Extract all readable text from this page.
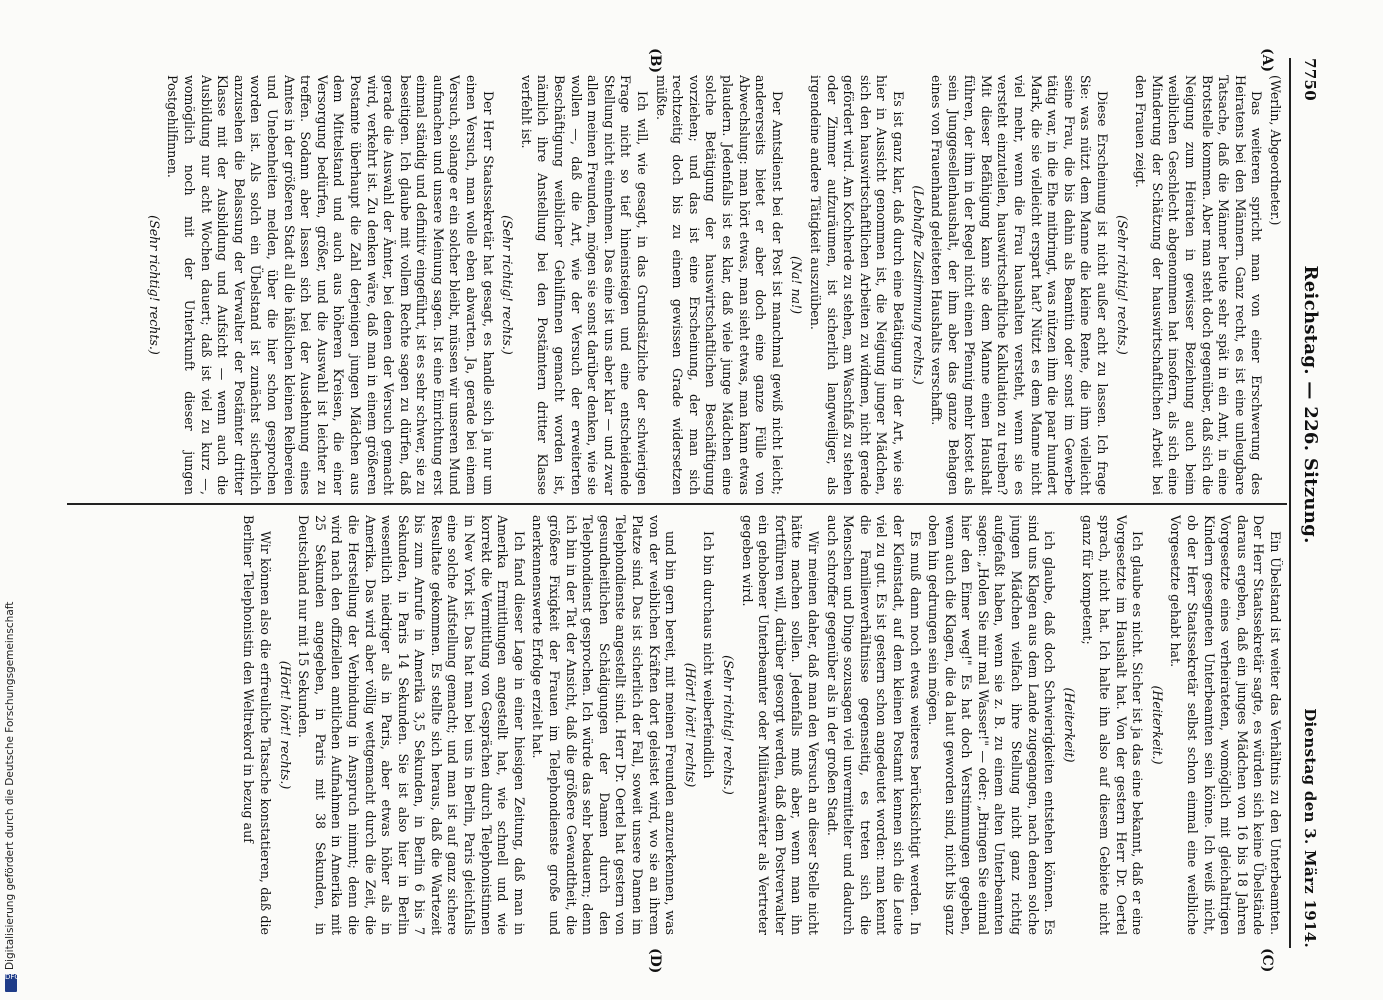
7750
Reichstag. — 226. Sitzung.
Dienstag den 3. März 1914.
(A)
(B)
(C)
(D)

(Werlin, Abgeordneter.)

Das weiteren spricht man von einer Erschwerung des Heiratens bei den Männern. Ganz recht, es ist eine unleugbare Tatsache, daß die Männer heute sehr spät in ein Amt, in eine Brotstelle kommen. Aber man steht doch gegenüber, daß sich die Neigung zum Heiraten in gewisser Beziehung auch beim weiblichen Geschlecht abgenommen hat insofern, als sich eine Minderung der Schätzung der hauswirtschaftlichen Arbeit bei den Frauen zeigt.

(Sehr richtig! rechts.)

Diese Erscheinung ist nicht außer acht zu lassen. Ich frage Sie: was nützt dem Manne die kleine Rente, die ihm vielleicht seine Frau, die bis dahin als Beamtin oder sonst im Gewerbe tätig war, in die Ehe mitbringt, was nützen ihm die paar hundert Mark, die sie vielleicht erspart hat? Nützt es dem Manne nicht viel mehr, wenn die Frau haushalten versteht, wenn sie es versteht einzuteilen, hauswirtschaftliche Kalkulation zu treiben? Mit dieser Befähigung kann sie dem Manne einen Haushalt führen, der ihm in der Regel nicht einen Pfennig mehr kostet als sein Junggesellenhaushalt, der ihm aber das ganze Behagen eines von Frauenhand geleiteten Haushalts verschafft.

(Lebhafte Zustimmung rechts.)

Es ist ganz klar, daß durch eine Betätigung in der Art, wie sie hier in Aussicht genommen ist, die Neigung junger Mädchen, sich den hauswirtschaftlichen Arbeiten zu widmen, nicht gerade gefördert wird. Am Kochherde zu stehen, am Waschfaß zu stehen oder Zimmer aufzuräumen, ist sicherlich langweiliger, als irgendeine andere Tätigkeit auszuüben.

(Na! na!)

Der Amtsdienst bei der Post ist manchmal gewiß nicht leicht; andererseits bietet er aber doch eine ganze Fülle von Abwechslung: man hört etwas, man sieht etwas, man kann etwas plaudern. Jedenfalls ist es klar, daß viele junge Mädchen eine solche Betätigung der hauswirtschaftlichen Beschäftigung vorziehen; und das ist eine Erscheinung, der man sich rechtzeitig doch bis zu einem gewissen Grade widersetzen müßte.

Ich will, wie gesagt, in das Grundsätzliche der schwierigen Frage nicht so tief hineinsteigen und eine entscheidende Stellung nicht einnehmen. Das eine ist uns aber klar — und zwar allen meinen Freunden, mögen sie sonst darüber denken, wie sie wollen —, daß die Art, wie der Versuch der erweiterten Beschäftigung weiblicher Gehilfinnen gemacht worden ist, nämlich ihre Anstellung bei den Postämtern dritter Klasse verfehlt ist.

(Sehr richtig! rechts.)

Der Herr Staatssekretär hat gesagt, es handle sich ja nur um einen Versuch, man wolle eben abwarten. Ja, gerade bei einem Versuch, solange er ein solcher bleibt, müssen wir unseren Mund aufmachen und unsere Meinung sagen. Ist eine Einrichtung erst einmal ständig und definitiv eingeführt, ist es sehr schwer, sie zu beseitigen. Ich glaube mit vollem Rechte sagen zu dürfen, daß gerade die Auswahl der Ämter, bei denen der Versuch gemacht wird, verkehrt ist. Zu denken wäre, daß man in einem größeren Postamte überhaupt die Zahl derjenigen jungen Mädchen aus dem Mittelstand und auch aus höheren Kreisen, die einer Versorgung bedürfen, größer, und die Auswahl ist leichter zu treffen. Sodann aber lassen sich bei der Ausdehnung eines Amtes in der größeren Stadt all die häßlichen kleinen Reibereien und Unebenheiten melden, über die hier schon gesprochen worden ist. Als solch ein Übelstand ist zunächst sicherlich anzusehen die Belassung der Verwalter der Postämter dritter Klasse mit der Ausbildung und Aufsicht — wenn auch die Ausbildung nur acht Wochen dauert; daß ist viel zu kurz —, womöglich noch mit der Unterkunft dieser jungen Postgehilfinnen.

(Sehr richtig! rechts.)

Ein Übelstand ist weiter das Verhältnis zu den Unterbeamten. Der Herr Staatssekretär sagte, es würden sich keine Übelstände daraus ergeben, daß ein junges Mädchen von 16 bis 18 Jahren Vorgesetzte eines verheirateten, womöglich mit gleichaltrigen Kindern gesegneten Unterbeamten sein könne. Ich weiß nicht, ob der Herr Staatssekretär selbst schon einmal eine weibliche Vorgesetzte gehabt hat.

(Heiterkeit.)

Ich glaube es nicht. Sicher ist ja das eine bekannt, daß er eine Vorgesetzte im Haushalt hat. Von der gestern Herr Dr. Oertel sprach, nicht hat. Ich halte ihn also auf diesem Gebiete nicht ganz für kompetent;

(Heiterkeit)

ich glaube, daß doch Schwierigkeiten entstehen können. Es sind uns Klagen aus dem Lande zugegangen, nach denen solche jungen Mädchen vielfach ihre Stellung nicht ganz richtig aufgefaßt haben, wenn sie z. B. zu einem alten Unterbeamten sagen: „Holen Sie mir mal Wasser!" — oder: „Bringen Sie einmal hier den Eimer weg!" Es hat doch Verstimmungen gegeben, wenn auch die Klagen, die da laut geworden sind, nicht bis ganz oben hin gedrungen sein mögen.

Es muß dann noch etwas weiteres berücksichtigt werden. In der Kleinstadt, auf dem kleinen Postamt kennen sich die Leute viel zu gut. Es ist gestern schon angedeutet worden: man kennt die Familienverhältnisse gegenseitig, es treten sich die Menschen und Dinge sozusagen viel unvermittelter und dadurch auch schroffer gegenüber als in der großen Stadt.

Wir meinen daher, daß man den Versuch an dieser Stelle nicht hätte machen sollen. Jedenfalls muß aber, wenn man ihn fortführen will, darüber gesorgt werden, daß dem Postverwalter ein gehobener Unterbeamter oder Militäranwärter als Vertreter gegeben wird.

(Sehr richtig! rechts.)

Ich bin durchaus nicht weiberfeindlich

(Hört! hört! rechts)

und bin gern bereit, mit meinen Freunden anzuerkennen, was von der weiblichen Kräften dort geleistet wird, wo sie an ihrem Platze sind. Das ist sicherlich der Fall, soweit unsere Damen im Telephondienste angestellt sind. Herr Dr. Oertel hat gestern von gesundheitlichen Schädigungen der Damen durch den Telephondienst gesprochen. Ich würde das sehr bedauern; denn ich bin in der Tat der Ansicht, daß die größere Gewandtheit, die größere Fixigkeit der Frauen im Telephondienste große und anerkennenswerte Erfolge erzielt hat.

Ich fand dieser Lage in einer hiesigen Zeitung, daß man in Amerika Ermittlungen angestellt hat, wie schnell und wie korrekt die Vermittlung von Gesprächen durch Telephonistinnen in New York ist. Das hat man bei uns in Berlin, Paris gleichfalls eine solche Aufstellung gemacht; und man ist auf ganz sichere Resultate gekommen. Es stellte sich heraus, daß die Wartezeit bis zum Anrufe in Amerika 3,5 Sekunden, in Berlin 6 bis 7 Sekunden, in Paris 14 Sekunden. Sie ist also hier in Berlin wesentlich niedriger als in Paris, aber etwas höher als in Amerika. Das wird aber völlig wettgemacht durch die Zeit, die die Herstellung der Verbindung in Anspruch nimmt; denn die wird nach den offiziellen amtlichen Aufnahmen in Amerika mit 25 Sekunden angegeben, in Paris mit 38 Sekunden, in Deutschland nur mit 15 Sekunden.

(Hört! hört! rechts.)

Wir können also die erfreuliche Tatsache konstatieren, daß die Berliner Telephonistin den Weltrekord in bezug auf

Digitalisierung gefördert durch die Deutsche Forschungsgemeinschaft
DFG
